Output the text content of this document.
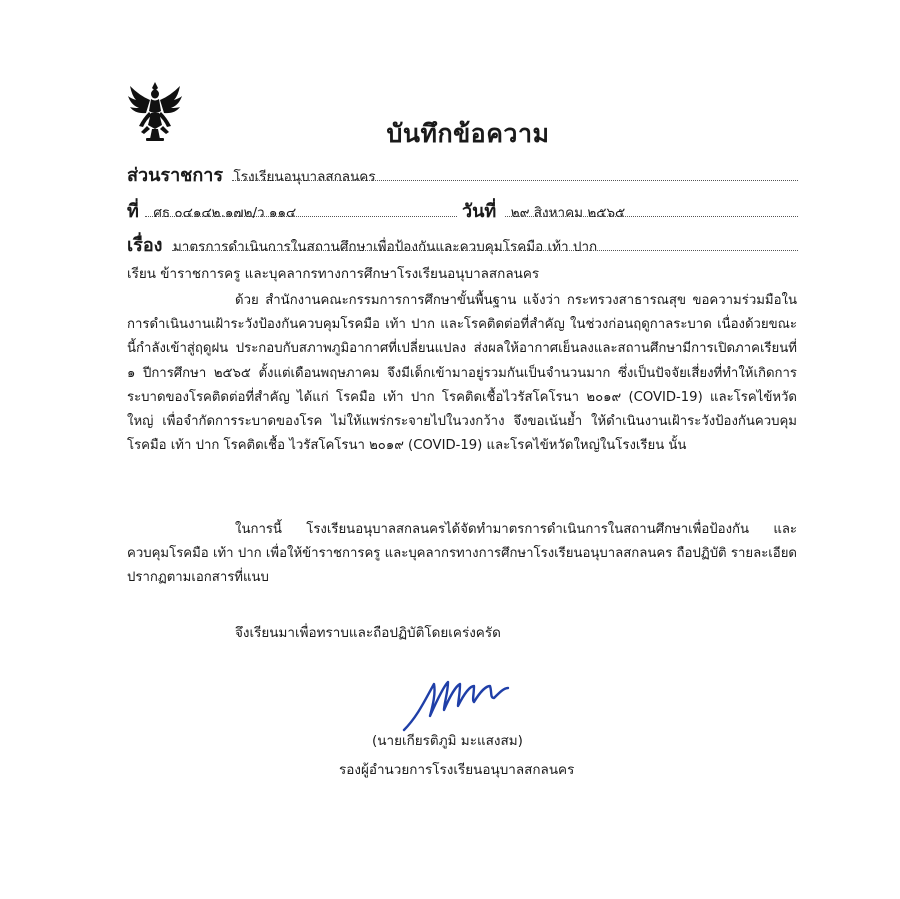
บันทึกข้อความ
ส่วนราชการ โรงเรียนอนุบาลสกลนคร
ที่ ศธ ๐๔๑๔๒.๑๗๒/ว ๑๑๔	วันที่ ๒๙ สิงหาคม ๒๕๖๕
เรื่อง มาตรการดำเนินการในสถานศึกษาเพื่อป้องกันและควบคุมโรคมือ เท้า ปาก
เรียน ข้าราชการครู และบุคลากรทางการศึกษาโรงเรียนอนุบาลสกลนคร
ด้วย สำนักงานคณะกรรมการการศึกษาขั้นพื้นฐาน แจ้งว่า กระทรวงสาธารณสุข ขอความร่วมมือในการดำเนินงานเฝ้าระวังป้องกันควบคุมโรคมือ เท้า ปาก และโรคติดต่อที่สำคัญ ในช่วงก่อนฤดูกาลระบาด เนื่องด้วยขณะนี้กำลังเข้าสู่ฤดูฝน ประกอบกับสภาพภูมิอากาศที่เปลี่ยนแปลง ส่งผลให้อากาศเย็นลงและสถานศึกษามีการเปิดภาคเรียนที่ ๑ ปีการศึกษา ๒๕๖๕ ตั้งแต่เดือนพฤษภาคม จึงมีเด็กเข้ามาอยู่รวมกันเป็นจำนวนมาก ซึ่งเป็นปัจจัยเสี่ยงที่ทำให้เกิดการระบาดของโรคติดต่อที่สำคัญ ได้แก่ โรคมือ เท้า ปาก โรคติดเชื้อไวรัสโคโรนา ๒๐๑๙ (COVID-19) และโรคไข้หวัดใหญ่ เพื่อจำกัดการระบาดของโรค ไม่ให้แพร่กระจายไปในวงกว้าง จึงขอเน้นย้ำ ให้ดำเนินงานเฝ้าระวังป้องกันควบคุมโรคมือ เท้า ปาก โรคติดเชื้อ ไวรัสโคโรนา ๒๐๑๙ (COVID-19) และโรคไข้หวัดใหญ่ในโรงเรียน นั้น
ในการนี้ โรงเรียนอนุบาลสกลนครได้จัดทำมาตรการดำเนินการในสถานศึกษาเพื่อป้องกัน และควบคุมโรคมือ เท้า ปาก เพื่อให้ข้าราชการครู และบุคลากรทางการศึกษาโรงเรียนอนุบาลสกลนคร ถือปฏิบัติ รายละเอียดปรากฏตามเอกสารที่แนบ
จึงเรียนมาเพื่อทราบและถือปฏิบัติโดยเคร่งครัด
(นายเกียรติภูมิ มะแสงสม)
รองผู้อำนวยการโรงเรียนอนุบาลสกลนคร
